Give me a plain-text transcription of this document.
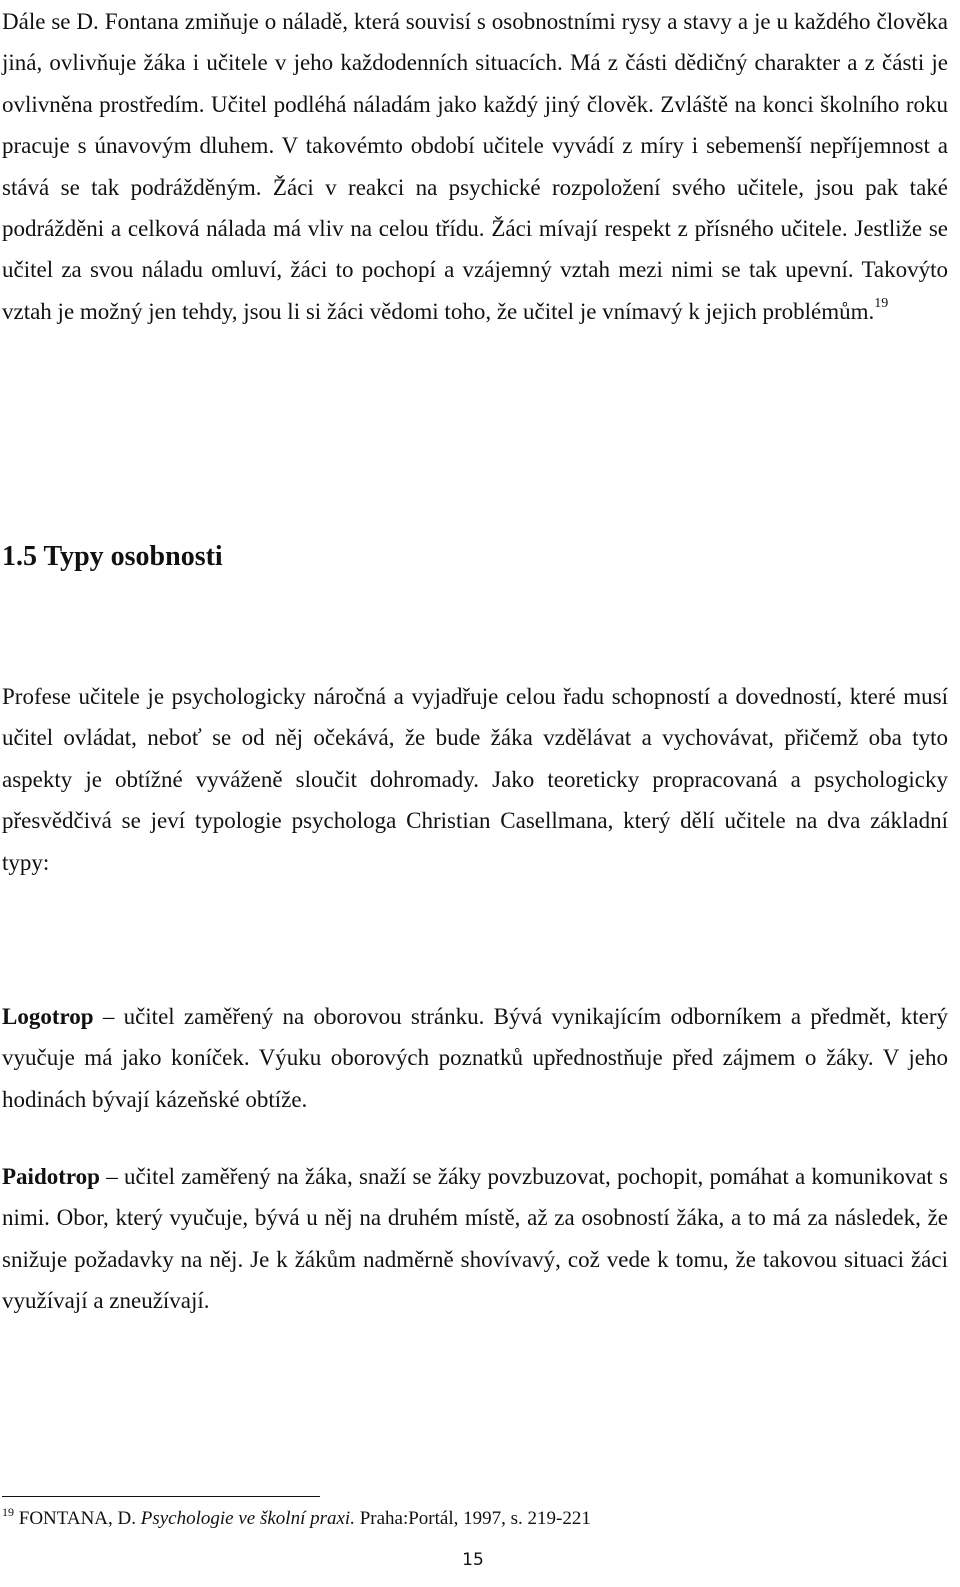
Dále se D. Fontana zmiňuje o náladě, která souvisí s osobnostními rysy a stavy a je u každého člověka jiná, ovlivňuje žáka i učitele v jeho každodenních situacích. Má z části dědičný charakter a z části je ovlivněna prostředím. Učitel podléhá náladám jako každý jiný člověk. Zvláště na konci školního roku pracuje s únavovým dluhem. V takovémto období učitele vyvádí z míry i sebemenší nepříjemnost a stává se tak podrážděným. Žáci v reakci na psychické rozpoložení svého učitele, jsou pak také podrážděni a celková nálada má vliv na celou třídu. Žáci mívají respekt z přísného učitele. Jestliže se učitel za svou náladu omluví, žáci to pochopí a vzájemný vztah mezi nimi se tak upevní. Takovýto vztah je možný jen tehdy, jsou li si žáci vědomi toho, že učitel je vnímavý k jejich problémům.$^{19}$

1.5 Typy osobnosti

Profese učitele je psychologicky náročná a vyjadřuje celou řadu schopností a dovedností, které musí učitel ovládat, neboť se od něj očekává, že bude žáka vzdělávat a vychovávat, přičemž oba tyto aspekty je obtížné vyváženě sloučit dohromady. Jako teoreticky propracovaná a psychologicky přesvědčivá se jeví typologie psychologa Christian Casellmana, který dělí učitele na dva základní typy:

Logotrop – učitel zaměřený na oborovou stránku. Bývá vynikajícím odborníkem a předmět, který vyučuje má jako koníček. Výuku oborových poznatků upřednostňuje před zájmem o žáky. V jeho hodinách bývají kázeňské obtíže.

Paidotrop – učitel zaměřený na žáka, snaží se žáky povzbuzovat, pochopit, pomáhat a komunikovat s nimi. Obor, který vyučuje, bývá u něj na druhém místě, až za osobností žáka, a to má za následek, že snižuje požadavky na něj. Je k žákům nadměrně shovívavý, což vede k tomu, že takovou situaci žáci využívají a zneužívají.

$^{19}$ FONTANA, D. Psychologie ve školní praxi. Praha:Portál, 1997, s. 219-221

15
